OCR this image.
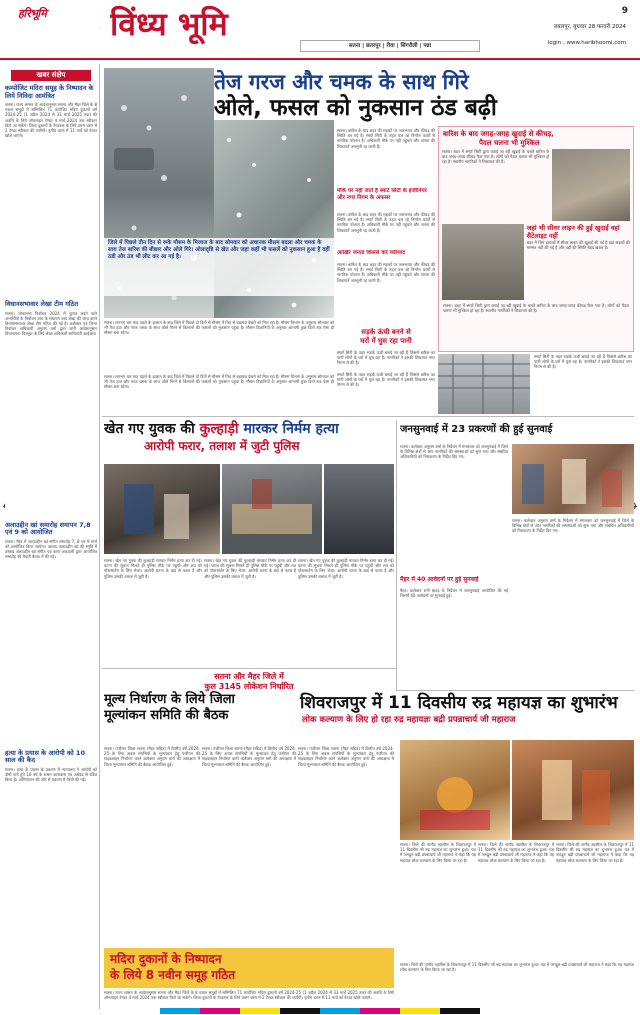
हरिभूमि	विंध्य भूमि
सतना | छतरपुर | रीवा | सिंगरौली | पन्ना
जबलपुर, बुधवार 28 फरवरी 2024
login : www.haribhoomi.com
9
खबर संक्षेप
कम्पोजिट मदिरा समूह के निष्पादन के लिये निविदा आमंत्रित
सतना। राज्य शासन के आदेशानुसार सतना और मैहर जिले के 8 एकल समूहों में सम्मिलित 71 कंपोजिट मदिरा दुकानों वर्ष 2024-25 (1 अप्रैल 2024 से 31 मार्च 2025 तक) की अवधि के लिये ऑनलाइन टेण्डर 4 मार्च 2024 तक स्वीकार किये जा सकेंगे। जिला दुकानों के टेण्डरुल के लिये प्रथम चरण में 2 टेण्डर स्वीकार की जाएँगी। तृतीय चरण में 11 मार्च को टेण्डर खोले जाएंगे।
विधानसभावार लेखा टीम गठित
सतना। लोकसभा निर्वाचन 2024 में चुनाव लड़ने वाले अभ्यर्थियों के निर्वाचन व्यय के संधारण व्यय लेखा की जांच करने विधानसभावार लेखा टीम गठित की गई है। कलेक्टर एवं जिला निर्वाचन अधिकारी अनुराग वर्मा द्वारा जारी आदेशानुसार विधानसभा चित्रकूट के लिये लेखा अधिकारी साथियारी आईआर।
अलाउद्दीन खां समारोह समापन 7,8 एवं 9 को आयोजित
सतना। मैहर में अलाउद्दीन खां संगीत समारोह 7, 8 एवं 9 मार्च को आयोजित किया जायेगा। उस्ताद अलाउद्दीन खां की स्मृति में उस्ताद अलाउद्दीन खां संगीत एवं कला अकादमी द्वारा आयोजित समारोह की तैयारी बैठक में की गई।
हत्या के प्रयास के आरोपी को 10 साल की कैद
सतना। हत्या के प्रयास के प्रकरण में न्यायालय ने आरोपी को दोषी पाते हुये 10 वर्ष के सश्रम कारावास एवं अर्थदंड से दंडित किया है। अभियोजन की ओर से प्रकरण में पैरवी की गई।
जिले में पिछले तीन दिन से रूके मौसम के मिजाज के बाद सोमवार को अचानक मौसम बदला और चमक के साथ तेज बारिश की बौछार और ओले गिरे। ओलावृष्टि से खेत और जहां कहीं भी फसलें को नुकसान हुआ है वहीं ठंडी और ठंड भी लौट कर आ गई है।
सतना। लगभग चार माह पहले के हालात के बाद जिले में पिछले दो दिनों से मौसम में फिर से बदलाव देखने को मिल रहा है। मौसम विभाग के अनुसार सोमवार को भी तेज हवा और गरज चमक के साथ ओले गिरने से किसानों की फसलों को नुकसान पहुंचा है। मौसम विज्ञानियों के अनुसार आगामी कुछ दिनों तक ऐसा ही मौसम बना रहेगा।
तेज गरज और चमक के साथ गिरे
ओले, फसल को नुकसान ठंड बढ़ी
सतना। बारिश के बाद शहर की सड़कों पर जलभराव और कीचड़ की स्थिति बन गई है। स्मार्ट सिटी के तहत चल रहे निर्माण कार्यों से नागरिक परेशान हैं। अधिकारी मौके पर नहीं पहुंचते और जनता की शिकायतें अनसुनी रह जाती हैं।
मौके पर नहीं जाते हैं स्मार्ट सिटी के इंजीनियर और नगर निगम के अफसर
सतना। बारिश के बाद शहर की सड़कों पर जलभराव और कीचड़ की स्थिति बन गई है। स्मार्ट सिटी के तहत चल रहे निर्माण कार्यों से नागरिक परेशान हैं। अधिकारी मौके पर नहीं पहुंचते और जनता की शिकायतें अनसुनी रह जाती हैं।
आखिर जनता किससे करे फरियाद
सतना। बारिश के बाद शहर की सड़कों पर जलभराव और कीचड़ की स्थिति बन गई है। स्मार्ट सिटी के तहत चल रहे निर्माण कार्यों से नागरिक परेशान हैं। अधिकारी मौके पर नहीं पहुंचते और जनता की शिकायतें अनसुनी रह जाती हैं।
सड़के ऊंची बनने से
घरों में घुस रहा पानी
स्मार्ट सिटी के तहत सड़कें ऊंची बनाई जा रही हैं जिससे बारिश का पानी लोगों के घरों में घुस रहा है। नागरिकों ने इसकी शिकायत नगर निगम से की है।
बारिश के बाद जगह-जगह खुदाई से कीचड़,
पैदल चलना भी मुश्किल
सतना। शहर में स्मार्ट सिटी द्वारा कराई जा रही खुदाई के चलते बारिश के बाद जगह-जगह कीचड़ फैल गया है। लोगों को पैदल चलना भी मुश्किल हो रहा है। स्थानीय नागरिकों ने शिकायत की है।
जहां भी सीवर लाइन की हुई खुदाई वहां सैटेलाइट नहीं
शहर में जिन इलाकों में सीवर लाइन की खुदाई की गई है वहां सड़कों की मरम्मत नहीं की गई है और वहीं की स्थिति बेहद खराब है।
सतना। शहर में स्मार्ट सिटी द्वारा कराई जा रही खुदाई के चलते बारिश के बाद जगह-जगह कीचड़ फैल गया है। लोगों को पैदल चलना भी मुश्किल हो रहा है। स्थानीय नागरिकों ने शिकायत की है।
स्मार्ट सिटी के तहत सड़कें ऊंची बनाई जा रही हैं जिससे बारिश का पानी लोगों के घरों में घुस रहा है। नागरिकों ने इसकी शिकायत नगर निगम से की है।
स्मार्ट सिटी के तहत सड़कें ऊंची बनाई जा रही हैं जिससे बारिश का पानी लोगों के घरों में घुस रहा है। नागरिकों ने इसकी शिकायत नगर निगम से की है।
सतना। लगभग चार माह पहले के हालात के बाद जिले में पिछले दो दिनों से मौसम में फिर से बदलाव देखने को मिल रहा है। मौसम विभाग के अनुसार सोमवार को भी तेज हवा और गरज चमक के साथ ओले गिरने से किसानों की फसलों को नुकसान पहुंचा है। मौसम विज्ञानियों के अनुसार आगामी कुछ दिनों तक ऐसा ही मौसम बना रहेगा।
खेत गए युवक की कुल्हाड़ी मारकर निर्मम हत्या
आरोपी फरार, तलाश में जुटी पुलिस
सतना। खेत गए युवक की कुल्हाड़ी मारकर निर्मम हत्या कर दी गई। घटना की सूचना मिलते ही पुलिस मौके पर पहुंची और शव को पोस्टमार्टम के लिए भेजा। आरोपी घटना के बाद से फरार है और पुलिस उसकी तलाश में जुटी है।
सतना। खेत गए युवक की कुल्हाड़ी मारकर निर्मम हत्या कर दी गई। घटना की सूचना मिलते ही पुलिस मौके पर पहुंची और शव को पोस्टमार्टम के लिए भेजा। आरोपी घटना के बाद से फरार है और पुलिस उसकी तलाश में जुटी है।
सतना। खेत गए युवक की कुल्हाड़ी मारकर निर्मम हत्या कर दी गई। घटना की सूचना मिलते ही पुलिस मौके पर पहुंची और शव को पोस्टमार्टम के लिए भेजा। आरोपी घटना के बाद से फरार है और पुलिस उसकी तलाश में जुटी है।
जनसुनवाई में 23 प्रकरणों की हुई सुनवाई
सतना। कलेक्टर अनुराग वर्मा के निर्देशन में मंगलवार को जनसुनवाई में जिले के विभिन्न क्षेत्रों से आए नागरिकों की समस्याओं को सुना गया और संबंधित अधिकारियों को निराकरण के निर्देश दिए गए।
सतना। कलेक्टर अनुराग वर्मा के निर्देशन में मंगलवार को जनसुनवाई में जिले के विभिन्न क्षेत्रों से आए नागरिकों की समस्याओं को सुना गया और संबंधित अधिकारियों को निराकरण के निर्देश दिए गए।
मैहर में 40 आवेदनों पर हुई सुनवाई
मैहर। कलेक्टर रानी बाटड़ के निर्देशन में जनसुनवाई आयोजित की गई जिसमें 40 आवेदनों पर सुनवाई हुई।
सतना और मैहर जिले में
कुल 3145 लोकेशन निर्धारित
मूल्य निर्धारण के लिये जिला
मूल्यांकन समिति की बैठक
सतना। पंजीयन जिला सतना (मैहर सहित) में वित्तीय वर्ष 2024-25 के लिए अचल संपत्तियों के मूल्यांकन हेतु पंजीयन की गाइडलाइन निर्धारण करने कलेक्टर अनुराग वर्मा की अध्यक्षता में जिला मूल्यांकन समिति की बैठक आयोजित हुई।
सतना। पंजीयन जिला सतना (मैहर सहित) में वित्तीय वर्ष 2024-25 के लिए अचल संपत्तियों के मूल्यांकन हेतु पंजीयन की गाइडलाइन निर्धारण करने कलेक्टर अनुराग वर्मा की अध्यक्षता में जिला मूल्यांकन समिति की बैठक आयोजित हुई।
सतना। पंजीयन जिला सतना (मैहर सहित) में वित्तीय वर्ष 2024-25 के लिए अचल संपत्तियों के मूल्यांकन हेतु पंजीयन की गाइडलाइन निर्धारण करने कलेक्टर अनुराग वर्मा की अध्यक्षता में जिला मूल्यांकन समिति की बैठक आयोजित हुई।
मदिरा दुकानों के निष्पादन
के लिये 8 नवीन समूह गठित
सतना। राज्य शासन के आदेशानुसार सतना और मैहर जिले के 8 एकल समूहों में सम्मिलित 71 कंपोजिट मदिरा दुकानों वर्ष 2024-25 (1 अप्रैल 2024 से 31 मार्च 2025 तक) की अवधि के लिये ऑनलाइन टेण्डर 4 मार्च 2024 तक स्वीकार किये जा सकेंगे। जिला दुकानों के टेण्डरुल के लिये प्रथम चरण में 2 टेण्डर स्वीकार की जाएँगी। तृतीय चरण में 11 मार्च को टेण्डर खोले जाएंगे।
शिवराजपुर में 11 दिवसीय रुद्र महायज्ञ का शुभारंभ
लोक कल्याण के लिए हो रहा रुद्र महायज्ञः बद्री प्रपन्नाचार्य जी महाराज
सतना। जिले की नागौद तहसील के शिवराजपुर में 11 दिवसीय श्री रुद्र महायज्ञ का शुभारंभ हुआ। यज्ञ में जगद्गुरु बद्री प्रपन्नाचार्य जी महाराज ने कहा कि यह महायज्ञ लोक कल्याण के लिए किया जा रहा है।
सतना। जिले की नागौद तहसील के शिवराजपुर में 11 दिवसीय श्री रुद्र महायज्ञ का शुभारंभ हुआ। यज्ञ में जगद्गुरु बद्री प्रपन्नाचार्य जी महाराज ने कहा कि यह महायज्ञ लोक कल्याण के लिए किया जा रहा है।
सतना। जिले की नागौद तहसील के शिवराजपुर में 11 दिवसीय श्री रुद्र महायज्ञ का शुभारंभ हुआ। यज्ञ में जगद्गुरु बद्री प्रपन्नाचार्य जी महाराज ने कहा कि यह महायज्ञ लोक कल्याण के लिए किया जा रहा है।
सतना। जिले की नागौद तहसील के शिवराजपुर में 11 दिवसीय श्री रुद्र महायज्ञ का शुभारंभ हुआ। यज्ञ में जगद्गुरु बद्री प्रपन्नाचार्य जी महाराज ने कहा कि यह महायज्ञ लोक कल्याण के लिए किया जा रहा है।
